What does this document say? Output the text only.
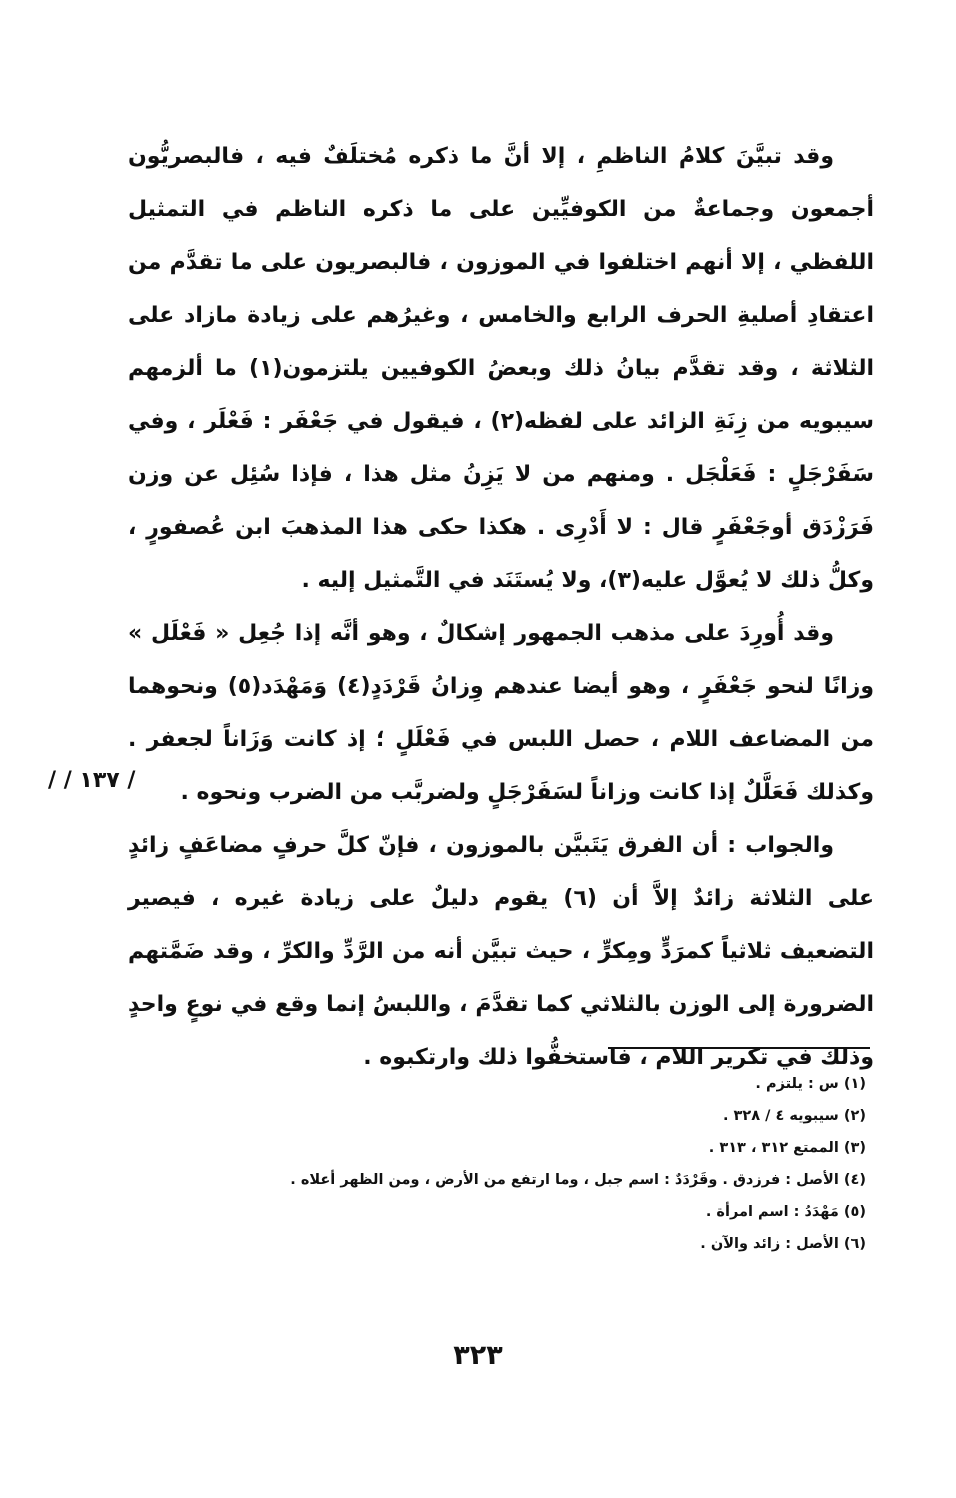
وقد تبيَّنَ كلامُ الناظمِ ، إلا أنَّ ما ذكره مُختلَفٌ فيه ، فالبصريُّون أجمعون وجماعةٌ من الكوفيِّين على ما ذكره الناظم في التمثيل اللفظي ، إلا أنهم اختلفوا في الموزون ، فالبصريون على ما تقدَّم من اعتقادِ أصليةِ الحرف الرابع والخامس ، وغيرُهم على زيادة مازاد على الثلاثة ، وقد تقدَّم بيانُ ذلك وبعضُ الكوفيين يلتزمون(١) ما ألزمهم سيبويه من زِنَةِ الزائد على لفظه(٢) ، فيقول في جَعْفَر : فَعْلَر ، وفي سَفَرْجَلٍ : فَعَلْجَل . ومنهم من لا يَزِنُ مثل هذا ، فإذا سُئِل عن وزن فَرَزْدَق أوجَعْفَرٍ قال : لا أَدْرِى . هكذا حكى هذا المذهبَ ابن عُصفورٍ ، وكلُّ ذلك لا يُعوَّل عليه(٣)، ولا يُستَنَد في التَّمثيل إليه .

وقد أُورِدَ على مذهب الجمهور إشكالٌ ، وهو أنَّه إذا جُعِل « فَعْلَل » وزانًا لنحو جَعْفَرٍ ، وهو أيضا عندهم وِزانُ قَرْدَدٍ(٤) وَمَهْدَد(٥) ونحوهما من المضاعف اللام ، حصل اللبس في فَعْلَلٍ ؛ إذ كانت وَزَاناً لجعفر . وكذلك فَعَلَّلٌ إذا كانت وزاناً لسَفَرْجَلٍ ولضربَّب من الضرب ونحوه .

والجواب : أن الفرق يَتَبيَّن بالموزون ، فإنّ كلَّ حرفٍ مضاعَفٍ زائدٍ على الثلاثة زائدٌ إلاَّ أن (٦) يقوم دليلٌ على زيادة غيره ، فيصير التضعيف ثلاثياً كمرَدٍّ ومِكرٍّ ، حيث تبيَّن أنه من الرَّدِّ والكرِّ ، وقد ضَمَّتهم الضرورة إلى الوزن بالثلاثي كما تقدَّمَ ، واللبسُ إنما وقع في نوعٍ واحدٍ وذلك في تكرير اللام ، فاستخفُّوا ذلك وارتكبوه .

/ / ١٣٧ /

(١) س : يلتزم .

(٢) سيبويه ٤ / ٣٢٨ .

(٣) الممتع ٣١٢ ، ٣١٣ .

(٤) الأصل : فرزدق . وقَرْدَدٌ : اسم جبل ، وما ارتفع من الأرض ، ومن الظهر أعلاه .

(٥) مَهْدَدُ : اسم امرأة .

(٦) الأصل : زائد والآن .

٣٢٣
